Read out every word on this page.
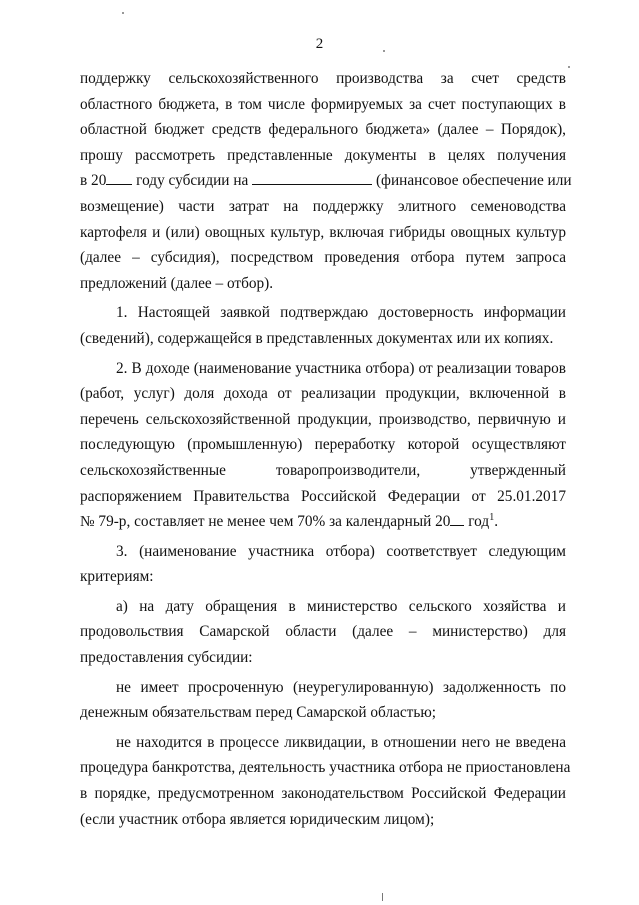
2
поддержку сельскохозяйственного производства за счет средств
областного бюджета, в том числе формируемых за счет поступающих в
областной бюджет средств федерального бюджета» (далее – Порядок),
прошу рассмотреть представленные документы в целях получения
в 20 году субсидии на	(финансовое обеспечение или
возмещение) части затрат на поддержку элитного семеноводства
картофеля и (или) овощных культур, включая гибриды овощных культур
(далее – субсидия), посредством проведения отбора путем запроса
предложений (далее – отбор).
1. Настоящей заявкой подтверждаю достоверность информации
(сведений), содержащейся в представленных документах или их копиях.
2. В доходе (наименование участника отбора) от реализации товаров
(работ, услуг) доля дохода от реализации продукции, включенной в
перечень сельскохозяйственной продукции, производство, первичную и
последующую (промышленную) переработку которой осуществляют
сельскохозяйственные товаропроизводители, утвержденный
распоряжением Правительства Российской Федерации от 25.01.2017
№ 79-р, составляет не менее чем 70% за календарный 20 год$^1$.
3. (наименование участника отбора) соответствует следующим
критериям:
а) на дату обращения в министерство сельского хозяйства и
продовольствия Самарской области (далее – министерство) для
предоставления субсидии:
не имеет просроченную (неурегулированную) задолженность по
денежным обязательствам перед Самарской областью;
не находится в процессе ликвидации, в отношении него не введена
процедура банкротства, деятельность участника отбора не приостановлена
в порядке, предусмотренном законодательством Российской Федерации
(если участник отбора является юридическим лицом);
